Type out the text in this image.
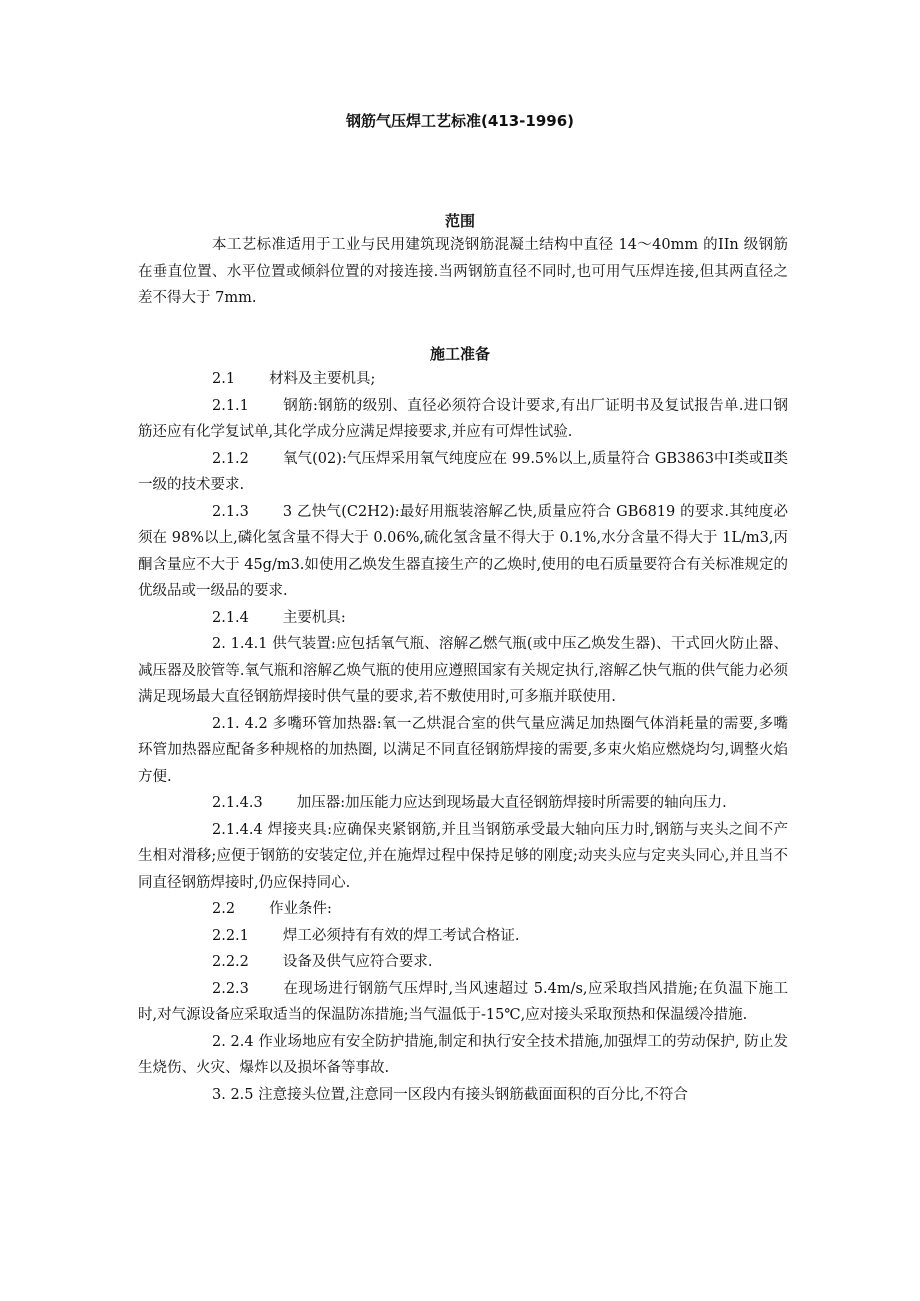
钢筋气压焊工艺标准(413-1996)
范围

本工艺标准适用于工业与民用建筑现浇钢筋混凝土结构中直径 14～40mm 的IIn 级钢筋在垂直位置、水平位置或倾斜位置的对接连接.当两钢筋直径不同时,也可用气压焊连接,但其两直径之差不得大于 7mm.

施工准备

2.1 材料及主要机具;

2.1.1 钢筋:钢筋的级别、直径必须符合设计要求,有出厂证明书及复试报告单.进口钢筋还应有化学复试单,其化学成分应满足焊接要求,并应有可焊性试验.

2.1.2 氧气(02):气压焊采用氧气纯度应在 99.5%以上,质量符合 GB3863中Ⅰ类或Ⅱ类一级的技术要求.

2.1.3 3 乙快气(C2H2):最好用瓶装溶解乙快,质量应符合 GB6819 的要求.其纯度必须在 98%以上,磷化氢含量不得大于 0.06%,硫化氢含量不得大于 0.1%,水分含量不得大于 1L/m3,丙酮含量应不大于 45g/m3.如使用乙焕发生器直接生产的乙焕时,使用的电石质量要符合有关标准规定的优级品或一级品的要求.

2.1.4 主要机具:

2. 1.4.1 供气装置:应包括氧气瓶、溶解乙燃气瓶(或中压乙焕发生器)、干式回火防止器、减压器及胶管等.氧气瓶和溶解乙焕气瓶的使用应遵照国家有关规定执行,溶解乙快气瓶的供气能力必须满足现场最大直径钢筋焊接时供气量的要求,若不敷使用时,可多瓶并联使用.

2.1. 4.2 多嘴环管加热器:氧一乙烘混合室的供气量应满足加热圈气体消耗量的需要,多嘴环管加热器应配备多种规格的加热圈, 以满足不同直径钢筋焊接的需要,多束火焰应燃烧均匀,调整火焰方便.

2.1.4.3 加压器:加压能力应达到现场最大直径钢筋焊接时所需要的轴向压力.

2.1.4.4 焊接夹具:应确保夹紧钢筋,并且当钢筋承受最大轴向压力时,钢筋与夹头之间不产生相对滑移;应便于钢筋的安装定位,并在施焊过程中保持足够的刚度;动夹头应与定夹头同心,并且当不同直径钢筋焊接时,仍应保持同心.

2.2 作业条件:

2.2.1 焊工必须持有有效的焊工考试合格证.

2.2.2 设备及供气应符合要求.

2.2.3 在现场进行钢筋气压焊时,当风速超过 5.4m/s,应采取挡风措施;在负温下施工时,对气源设备应采取适当的保温防冻措施;当气温低于-15℃,应对接头采取预热和保温缓冷措施.

2. 2.4 作业场地应有安全防护措施,制定和执行安全技术措施,加强焊工的劳动保护, 防止发生烧伤、火灾、爆炸以及损坏备等事故.

3. 2.5 注意接头位置,注意同一区段内有接头钢筋截面面积的百分比,不符合
